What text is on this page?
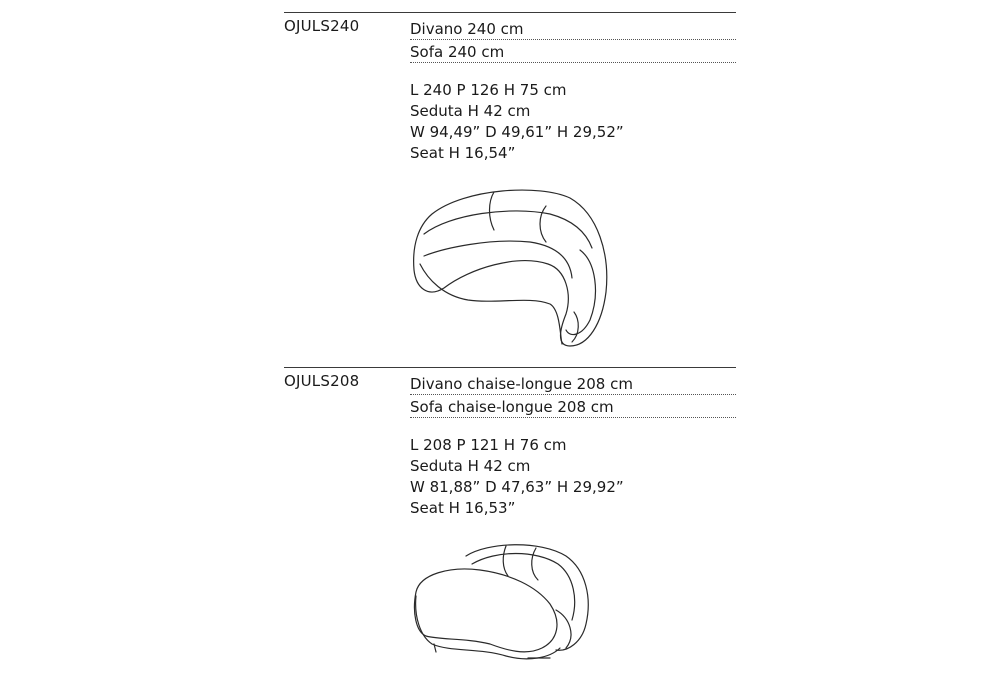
OJULS240	Divano 240 cm
Sofa 240 cm
L 240 P 126 H 75 cm
Seduta H 42 cm
W 94,49” D 49,61” H 29,52”
Seat H 16,54”
OJULS208	Divano chaise-longue 208 cm
Sofa chaise-longue 208 cm
L 208 P 121 H 76 cm
Seduta H 42 cm
W 81,88” D 47,63” H 29,92”
Seat H 16,53”
